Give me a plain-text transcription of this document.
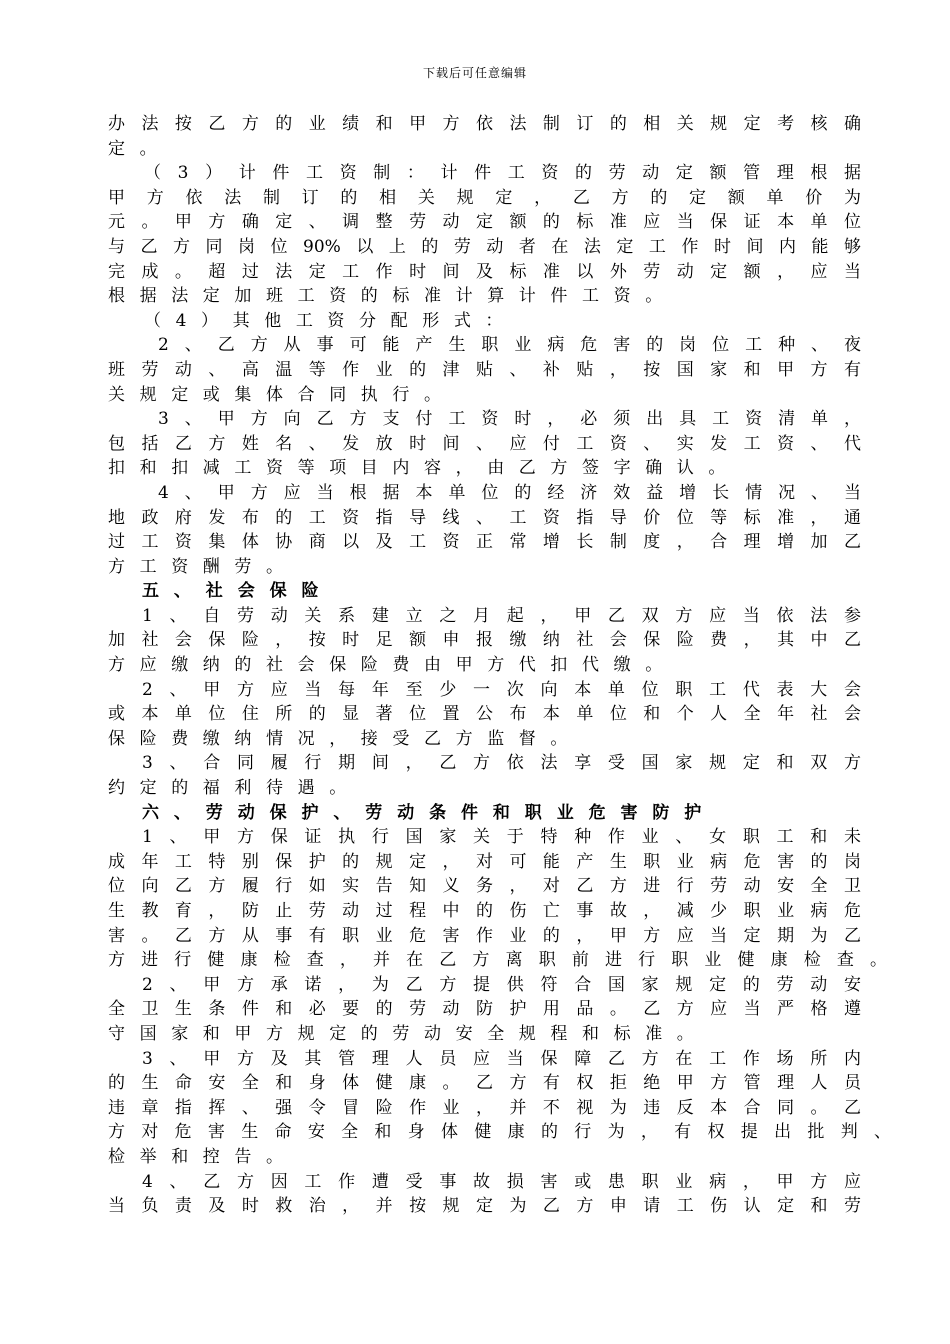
下载后可任意编辑
办法按乙方的业绩和甲方依法制订的相关规定考核确
定。
（3）计件工资制：计件工资的劳动定额管理根据
甲方依法制订的相关规定，乙方的定额单价为
元。甲方确定、调整劳动定额的标准应当保证本单位
与乙方同岗位90%以上的劳动者在法定工作时间内能够
完成。超过法定工作时间及标准以外劳动定额，应当
根据法定加班工资的标准计算计件工资。
（4）其他工资分配形式：
2、乙方从事可能产生职业病危害的岗位工种、夜
班劳动、高温等作业的津贴、补贴，按国家和甲方有
关规定或集体合同执行。
3、甲方向乙方支付工资时，必须出具工资清单，
包括乙方姓名、发放时间、应付工资、实发工资、代
扣和扣减工资等项目内容，由乙方签字确认。
4、甲方应当根据本单位的经济效益增长情况、当
地政府发布的工资指导线、工资指导价位等标准，通
过工资集体协商以及工资正常增长制度，合理增加乙
方工资酬劳。
五、社会保险
1、自劳动关系建立之月起，甲乙双方应当依法参
加社会保险，按时足额申报缴纳社会保险费，其中乙
方应缴纳的社会保险费由甲方代扣代缴。
2、甲方应当每年至少一次向本单位职工代表大会
或本单位住所的显著位置公布本单位和个人全年社会
保险费缴纳情况，接受乙方监督。
3、合同履行期间，乙方依法享受国家规定和双方
约定的福利待遇。
六、劳动保护、劳动条件和职业危害防护
1、甲方保证执行国家关于特种作业、女职工和未
成年工特别保护的规定，对可能产生职业病危害的岗
位向乙方履行如实告知义务，对乙方进行劳动安全卫
生教育，防止劳动过程中的伤亡事故，减少职业病危
害。乙方从事有职业危害作业的，甲方应当定期为乙
方进行健康检查，并在乙方离职前进行职业健康检查。
2、甲方承诺，为乙方提供符合国家规定的劳动安
全卫生条件和必要的劳动防护用品。乙方应当严格遵
守国家和甲方规定的劳动安全规程和标准。
3、甲方及其管理人员应当保障乙方在工作场所内
的生命安全和身体健康。乙方有权拒绝甲方管理人员
违章指挥、强令冒险作业，并不视为违反本合同。乙
方对危害生命安全和身体健康的行为，有权提出批判、
检举和控告。
4、乙方因工作遭受事故损害或患职业病，甲方应
当负责及时救治，并按规定为乙方申请工伤认定和劳
